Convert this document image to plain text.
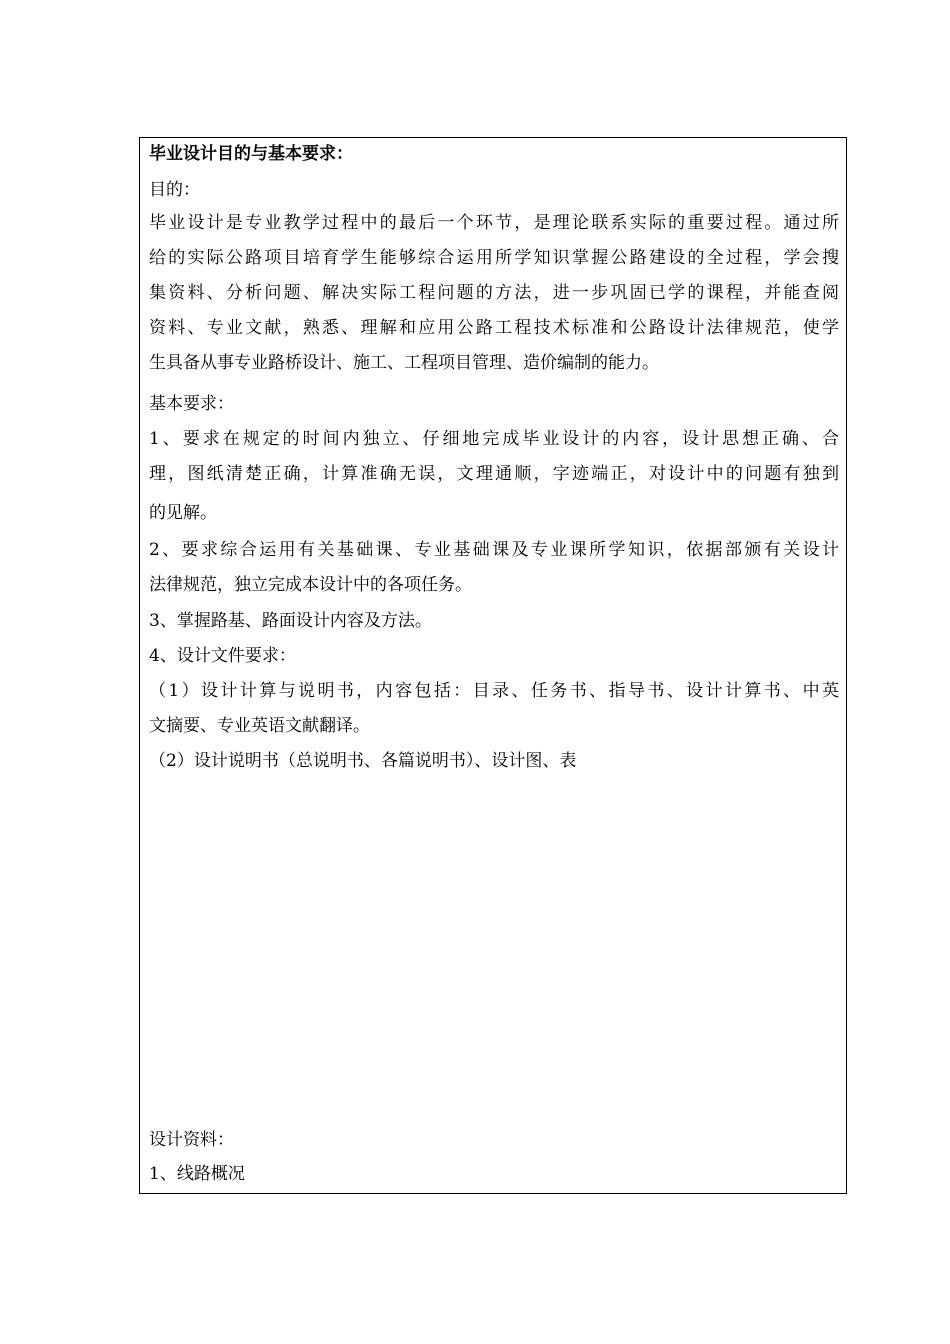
毕业设计目的与基本要求：
目的：
毕业设计是专业教学过程中的最后一个环节，是理论联系实际的重要过程。通过所
给的实际公路项目培育学生能够综合运用所学知识掌握公路建设的全过程，学会搜
集资料、分析问题、解决实际工程问题的方法，进一步巩固已学的课程，并能查阅
资料、专业文献，熟悉、理解和应用公路工程技术标准和公路设计法律规范，使学
生具备从事专业路桥设计、施工、工程项目管理、造价编制的能力。
基本要求：
1、要求在规定的时间内独立、仔细地完成毕业设计的内容，设计思想正确、合
理，图纸清楚正确，计算准确无误，文理通顺，字迹端正，对设计中的问题有独到
的见解。
2、要求综合运用有关基础课、专业基础课及专业课所学知识，依据部颁有关设计
法律规范，独立完成本设计中的各项任务。
3、掌握路基、路面设计内容及方法。
4、设计文件要求：
（1）设计计算与说明书，内容包括：目录、任务书、指导书、设计计算书、中英
文摘要、专业英语文献翻译。
（2）设计说明书（总说明书、各篇说明书）、设计图、表
设计资料：
1、线路概况
